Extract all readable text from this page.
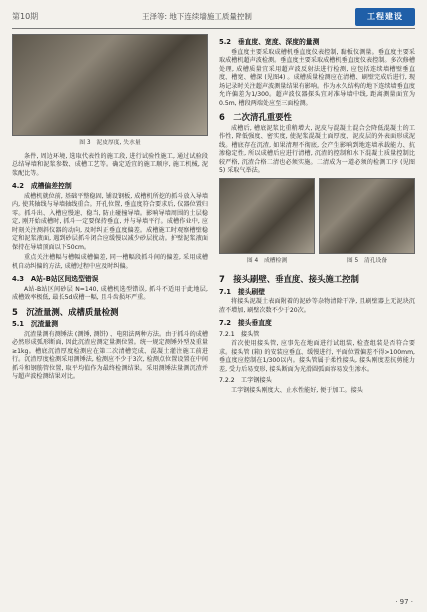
第10期	王泽等: 地下连续墙施工质量控制	工程建设
图 3　泥皮厚度, 失水量

条件, 周边环境, 选取代表性的施工段, 进行试验性施工, 通过试验段总结导墙和泥浆参数、成槽工艺等。确定适宜的施工顺序, 施工机械, 泥浆配比等。

4.2　成槽偏差控制

成槽机就位前, 基础平整稳固, 铺设钢板, 成槽机所挖的抓斗放入导墙内, 使其轴线与导墙轴线重合。开孔位置, 垂直度符合要求后, 仪器位置归零。抓斗出、入槽应慢速、稳当, 防止碰撞导墙。影响导墙周围的土层稳定, 刚开始成槽时, 抓斗一定要保持垂直, 并与导墙平行。成槽作业中, 应时刻关注测斜仪器的动向, 及时纠正垂直度偏差。成槽施工时观察槽壁稳定和泥浆液面, 遇到砂层抓斗闭合应缓慢以减少砂层扰动。护壁泥浆液面保持在导墙顶面以下50cm。

重点关注槽幅与槽幅成槽偏差, 同一槽幅段抓斗间的偏差, 采用成槽机自动纠偏的方法, 成槽过程中应及时纠偏。

4.3　A站-B站区间选型错误

A站-B站区间砂层 N=140, 成槽机选型错误, 抓斗不适用于此地层, 成槽效率极低, 最长5d成槽一幅, 且斗齿损坏严重。

5　沉渣量测、成槽质量检测
5.1　沉渣量测

沉渣量测有测锤法 (测锤, 测饼) 、电阻法两种方法。由于抓斗的成槽必然形成弧形断面, 因此沉渣应测定量测位置。统一规定测锤外型及重量≥1kg。槽底沉渣厚度检测应在第二次清槽完成、混凝土灌注施工前进行。沉渣厚度检测采用测锤法, 检测应不少于3次, 检测点位置设置在中间抓斗和钢筋管位置, 取平均值作为最终检测结果。采用测锤法量测沉渣并与超声波检测结果对比。

5.2　垂直度、宽度、深度的量测

垂直度主要采取成槽机垂直度仪表控制, 黏板仪测量。垂直度主要采取成槽机超声波检测。垂直度主要采取成槽机垂直度仪表控制。多次修槽处理, 成槽质量宜采用超声波反射法进行检测, 应包括连续墙槽壁垂直度、槽宽、槽深 (见图4) 。成槽质量检测应在清槽、刷壁完成后进行, 现场记录时关注超声波测量结果有影响。作为永久结构的地下连续墙垂直度允许偏差为1/300。超声波仪器探头宜对准导墙中线, 距离测量面宜为0.5m, 槽段两端处应至三面检测。

6　二次清孔重要性

成槽后, 槽底泥浆比重稍增大, 泥皮与混凝土混合会降低混凝土的工作性, 降低强度、密实度, 使泥浆混凝土面厚度、泥皮层的外表面形成泥线。槽底存在沉渣, 如果清理不彻底, 会产生影响到地连墙承载能力、抗渗稳定性, 所以成槽后应进行清槽, 沉渣的控制和水下混凝土质量控制比较严格, 沉渣合格二清也必须实施。二清成为一道必须的检测工序 (见图5) 采取气举法。

图 4　成槽检测	图 5　清孔设备
7　接头刷壁、垂直度、接头施工控制
7.1　接头刷壁

将接头泥凝土表面附着的泥砂等杂物清除干净, 且刷壁器上无泥块沉渣不增加, 刷壁次数不少于20次。

7.2　接头垂直度
7.2.1　接头管

首次使用接头管, 应事先在地面进行试组装, 检查组装是否符合要求。接头管 (箱) 的安装应垂直、缓慢进行, 平面位置偏差不得>100mm, 垂直度应控制在1/300以内。接头管属于柔性接头, 接头刚度差抗剪能力差, 受力后易变形, 接头断面为光滑圆弧面容易发生渗水。

7.2.2　工字钢接头

工字钢接头刚度大、止水性能好, 便于加工。接头

· 97 ·
